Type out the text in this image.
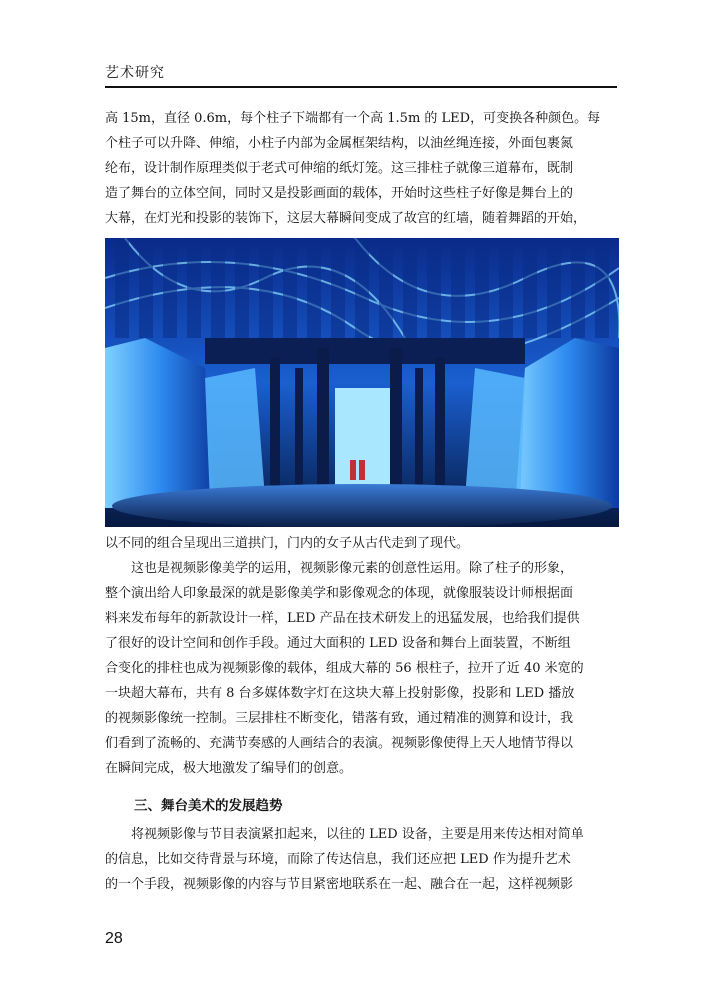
艺术研究
高 15m，直径 0.6m，每个柱子下端都有一个高 1.5m 的 LED，可变换各种颜色。每
个柱子可以升降、伸缩，小柱子内部为金属框架结构，以油丝绳连接，外面包裹氮
纶布，设计制作原理类似于老式可伸缩的纸灯笼。这三排柱子就像三道幕布，既制
造了舞台的立体空间，同时又是投影画面的载体，开始时这些柱子好像是舞台上的
大幕，在灯光和投影的装饰下，这层大幕瞬间变成了故宫的红墙，随着舞蹈的开始，
以不同的组合呈现出三道拱门，门内的女子从古代走到了现代。
这也是视频影像美学的运用，视频影像元素的创意性运用。除了柱子的形象，
整个演出给人印象最深的就是影像美学和影像观念的体现，就像服装设计师根据面
料来发布每年的新款设计一样，LED 产品在技术研发上的迅猛发展，也给我们提供
了很好的设计空间和创作手段。通过大面积的 LED 设备和舞台上面装置，不断组
合变化的排柱也成为视频影像的载体，组成大幕的 56 根柱子，拉开了近 40 米宽的
一块超大幕布，共有 8 台多媒体数字灯在这块大幕上投射影像，投影和 LED 播放
的视频影像统一控制。三层排柱不断变化，错落有致，通过精准的测算和设计，我
们看到了流畅的、充满节奏感的人画结合的表演。视频影像使得上天人地情节得以
在瞬间完成，极大地激发了编导们的创意。
三、舞台美术的发展趋势
将视频影像与节目表演紧扣起来，以往的 LED 设备，主要是用来传达相对简单
的信息，比如交待背景与环境，而除了传达信息，我们还应把 LED 作为提升艺术
的一个手段，视频影像的内容与节目紧密地联系在一起、融合在一起，这样视频影
28
